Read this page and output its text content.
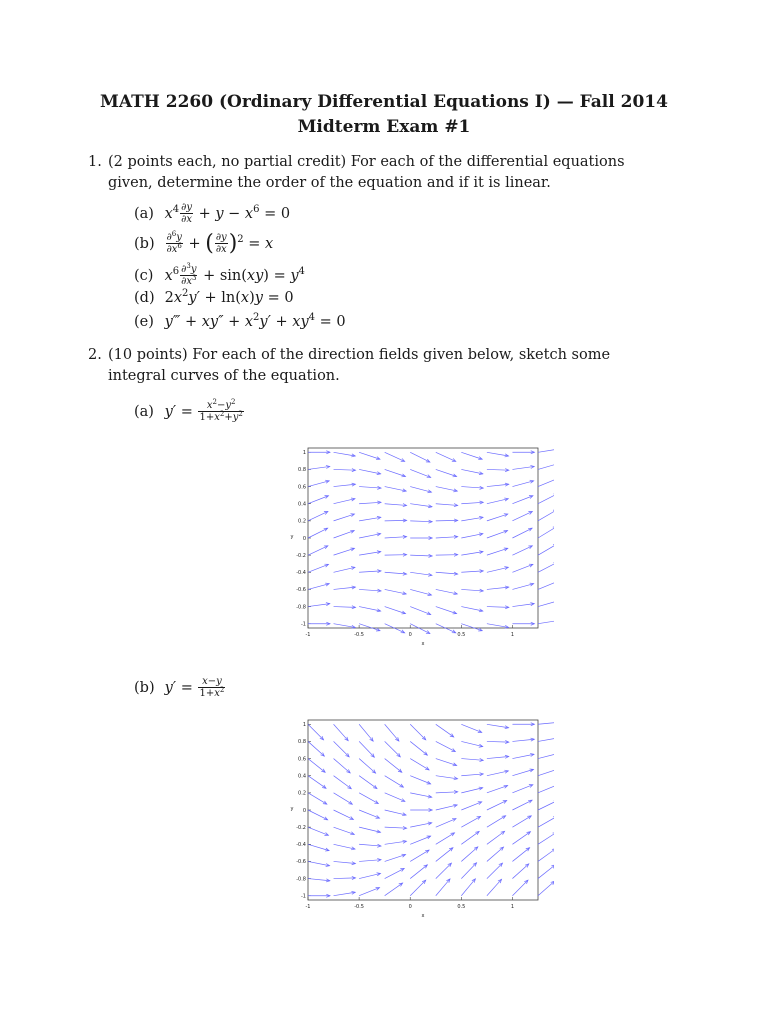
MATH 2260 (Ordinary Differential Equations I) — Fall 2014
Midterm Exam #1
1. (2 points each, no partial credit) For each of the differential equations given, determine the order of the equation and if it is linear.
(a) $x^4 \frac{\partial y}{\partial x} + y - x^6 = 0$
$(b) \frac{\partial^6y}{\partial x^6}$ + ( $\frac{\partial y}{\partial x} )^2 = x$
(c) $x^6 \frac{\partial^3y}{\partial x^3} + \sin(xy) = y^4$
(d) $2x^2y' + \ln(x)y = 0$
(e) y‴ + $xy'' + x^2y' + xy^4 = 0$
2. (10 points) For each of the direction fields given below, sketch some integral curves of the equation.
(a) $y' = \frac{x^2-y^2}{1+x^2+y^2}$
-1	-0.5	0	0.5	1
1
0.8
0.6
0.4
0.2
0
-0.2
-0.4
-0.6
-0.8
-1
x
y
(b) $y' = \frac{x-y}{1+x^2}$
-1	-0.5	0	0.5	1
1
0.8
0.6
0.4
0.2
0
-0.2
-0.4
-0.6
-0.8
-1
x
y
